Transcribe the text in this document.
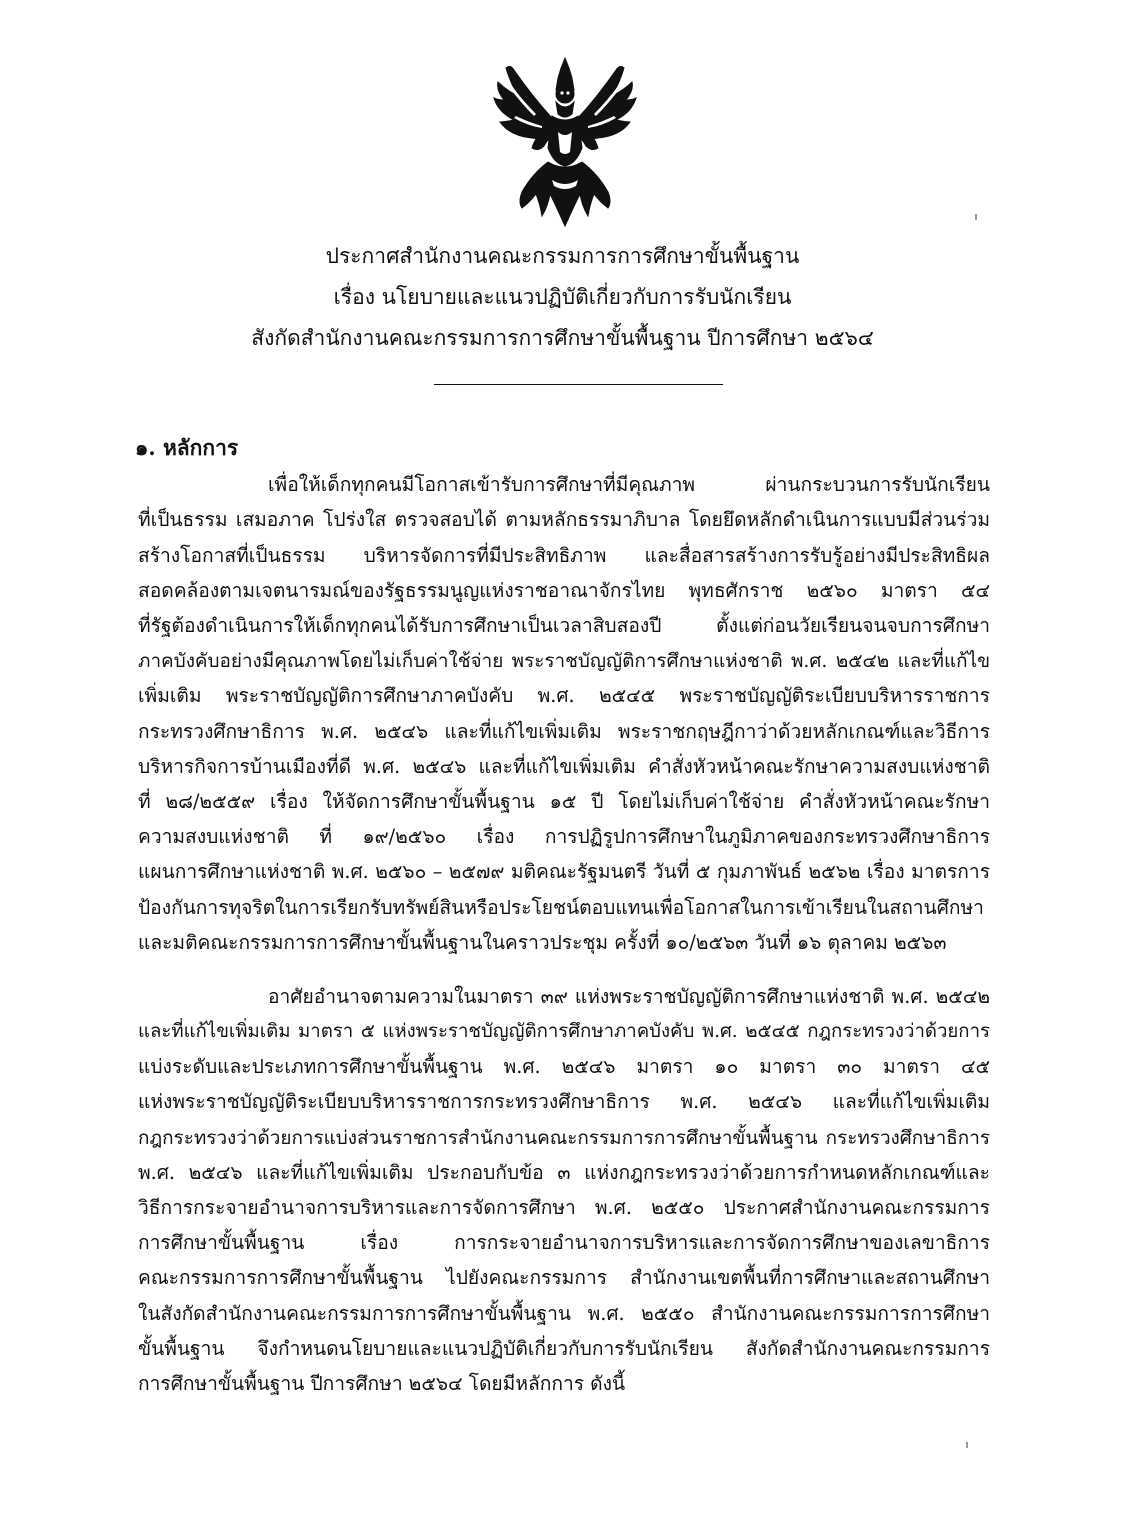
ประกาศสำนักงานคณะกรรมการการศึกษาขั้นพื้นฐาน
เรื่อง นโยบายและแนวปฏิบัติเกี่ยวกับการรับนักเรียน
สังกัดสำนักงานคณะกรรมการการศึกษาขั้นพื้นฐาน ปีการศึกษา ๒๕๖๔
๑. หลักการ
เพื่อให้เด็กทุกคนมีโอกาสเข้ารับการศึกษาที่มีคุณภาพ ผ่านกระบวนการรับนักเรียน
ที่เป็นธรรม เสมอภาค โปร่งใส ตรวจสอบได้ ตามหลักธรรมาภิบาล โดยยึดหลักดำเนินการแบบมีส่วนร่วม
สร้างโอกาสที่เป็นธรรม บริหารจัดการที่มีประสิทธิภาพ และสื่อสารสร้างการรับรู้อย่างมีประสิทธิผล
สอดคล้องตามเจตนารมณ์ของรัฐธรรมนูญแห่งราชอาณาจักรไทย พุทธศักราช ๒๕๖๐ มาตรา ๕๔
ที่รัฐต้องดำเนินการให้เด็กทุกคนได้รับการศึกษาเป็นเวลาสิบสองปี ตั้งแต่ก่อนวัยเรียนจนจบการศึกษา
ภาคบังคับอย่างมีคุณภาพโดยไม่เก็บค่าใช้จ่าย พระราชบัญญัติการศึกษาแห่งชาติ พ.ศ. ๒๕๔๒ และที่แก้ไข
เพิ่มเติม พระราชบัญญัติการศึกษาภาคบังคับ พ.ศ. ๒๕๔๕ พระราชบัญญัติระเบียบบริหารราชการ
กระทรวงศึกษาธิการ พ.ศ. ๒๕๔๖ และที่แก้ไขเพิ่มเติม พระราชกฤษฎีกาว่าด้วยหลักเกณฑ์และวิธีการ
บริหารกิจการบ้านเมืองที่ดี พ.ศ. ๒๕๔๖ และที่แก้ไขเพิ่มเติม คำสั่งหัวหน้าคณะรักษาความสงบแห่งชาติ
ที่ ๒๘/๒๕๕๙ เรื่อง ให้จัดการศึกษาขั้นพื้นฐาน ๑๕ ปี โดยไม่เก็บค่าใช้จ่าย คำสั่งหัวหน้าคณะรักษา
ความสงบแห่งชาติ ที่ ๑๙/๒๕๖๐ เรื่อง การปฏิรูปการศึกษาในภูมิภาคของกระทรวงศึกษาธิการ
แผนการศึกษาแห่งชาติ พ.ศ. ๒๕๖๐ – ๒๕๗๙ มติคณะรัฐมนตรี วันที่ ๕ กุมภาพันธ์ ๒๕๖๒ เรื่อง มาตรการ
ป้องกันการทุจริตในการเรียกรับทรัพย์สินหรือประโยชน์ตอบแทนเพื่อโอกาสในการเข้าเรียนในสถานศึกษา
และมติคณะกรรมการการศึกษาขั้นพื้นฐานในคราวประชุม ครั้งที่ ๑๐/๒๕๖๓ วันที่ ๑๖ ตุลาคม ๒๕๖๓
อาศัยอำนาจตามความในมาตรา ๓๙ แห่งพระราชบัญญัติการศึกษาแห่งชาติ พ.ศ. ๒๕๔๒
และที่แก้ไขเพิ่มเติม มาตรา ๕ แห่งพระราชบัญญัติการศึกษาภาคบังคับ พ.ศ. ๒๕๔๕ กฎกระทรวงว่าด้วยการ
แบ่งระดับและประเภทการศึกษาขั้นพื้นฐาน พ.ศ. ๒๕๔๖ มาตรา ๑๐ มาตรา ๓๐ มาตรา ๔๕
แห่งพระราชบัญญัติระเบียบบริหารราชการกระทรวงศึกษาธิการ พ.ศ. ๒๕๔๖ และที่แก้ไขเพิ่มเติม
กฎกระทรวงว่าด้วยการแบ่งส่วนราชการสำนักงานคณะกรรมการการศึกษาขั้นพื้นฐาน กระทรวงศึกษาธิการ
พ.ศ. ๒๕๔๖ และที่แก้ไขเพิ่มเติม ประกอบกับข้อ ๓ แห่งกฎกระทรวงว่าด้วยการกำหนดหลักเกณฑ์และ
วิธีการกระจายอำนาจการบริหารและการจัดการศึกษา พ.ศ. ๒๕๕๐ ประกาศสำนักงานคณะกรรมการ
การศึกษาขั้นพื้นฐาน เรื่อง การกระจายอำนาจการบริหารและการจัดการศึกษาของเลขาธิการ
คณะกรรมการการศึกษาขั้นพื้นฐาน ไปยังคณะกรรมการ สำนักงานเขตพื้นที่การศึกษาและสถานศึกษา
ในสังกัดสำนักงานคณะกรรมการการศึกษาขั้นพื้นฐาน พ.ศ. ๒๕๕๐ สำนักงานคณะกรรมการการศึกษา
ขั้นพื้นฐาน จึงกำหนดนโยบายและแนวปฏิบัติเกี่ยวกับการรับนักเรียน สังกัดสำนักงานคณะกรรมการ
การศึกษาขั้นพื้นฐาน ปีการศึกษา ๒๕๖๔ โดยมีหลักการ ดังนี้
